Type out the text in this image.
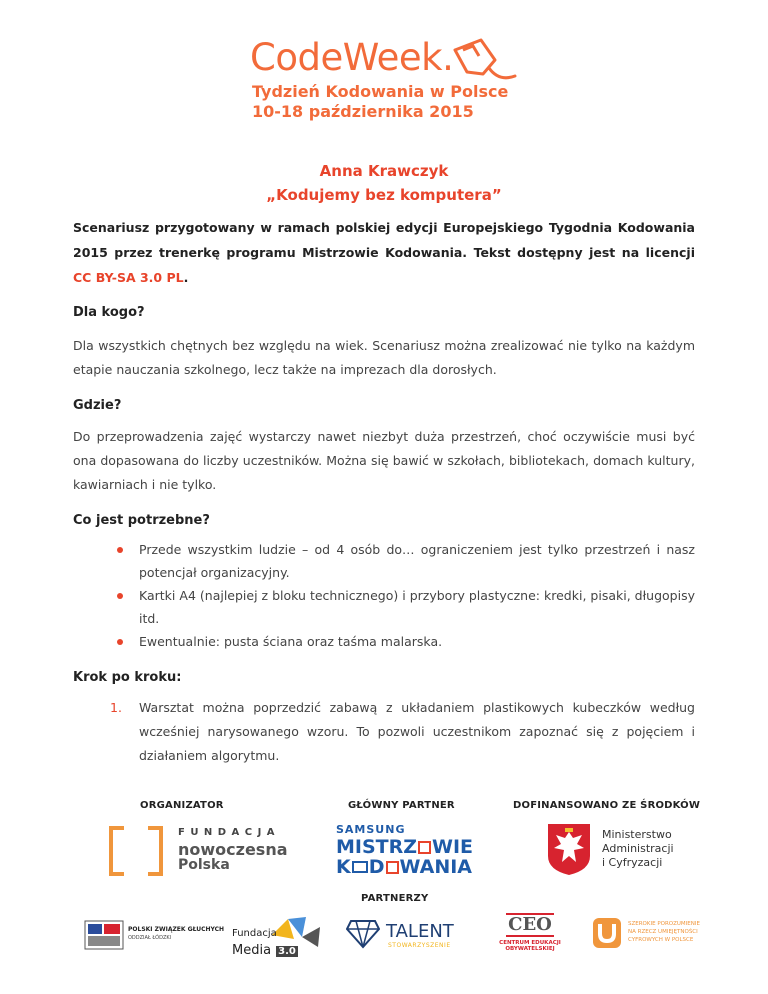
CodeWeek.
Tydzień Kodowania w Polsce
10-18 października 2015
Anna Krawczyk
„Kodujemy bez komputera”
Scenariusz przygotowany w ramach polskiej edycji Europejskiego Tygodnia Kodowania 2015 przez trenerkę programu Mistrzowie Kodowania. Tekst dostępny jest na licencji CC BY-SA 3.0 PL.
Dla kogo?
Dla wszystkich chętnych bez względu na wiek. Scenariusz można zrealizować nie tylko na każdym etapie nauczania szkolnego, lecz także na imprezach dla dorosłych.
Gdzie?
Do przeprowadzenia zajęć wystarczy nawet niezbyt duża przestrzeń, choć oczywiście musi być ona dopasowana do liczby uczestników. Można się bawić w szkołach, bibliotekach, domach kultury, kawiarniach i nie tylko.
Co jest potrzebne?
Przede wszystkim ludzie – od 4 osób do… ograniczeniem jest tylko przestrzeń i nasz potencjał organizacyjny.
Kartki A4 (najlepiej z bloku technicznego) i przybory plastyczne: kredki, pisaki, długopisy itd.
Ewentualnie: pusta ściana oraz taśma malarska.
Krok po kroku:
1. Warsztat można poprzedzić zabawą z układaniem plastikowych kubeczków według wcześniej narysowanego wzoru. To pozwoli uczestnikom zapoznać się z pojęciem i działaniem algorytmu.
ORGANIZATOR	GŁÓWNY PARTNER	DOFINANSOWANO ZE ŚRODKÓW
PARTNERZY
F U N D A C J A
nowoczesna
Polska
SAMSUNG
MISTRZ WIE
K D WANIA
Ministerstwo
Administracji
i Cyfryzacji
POLSKI ZWIĄZEK GŁUCHYCH
ODDZIAŁ ŁÓDZKI	Fundacja
Media 3.0
TALENT
STOWARZYSZENIE
CEO
CENTRUM EDUKACJI
OBYWATELSKIEJ
SZEROKIE POROZUMIENIE
NA RZECZ UMIEJĘTNOŚCI
CYFROWYCH W POLSCE
